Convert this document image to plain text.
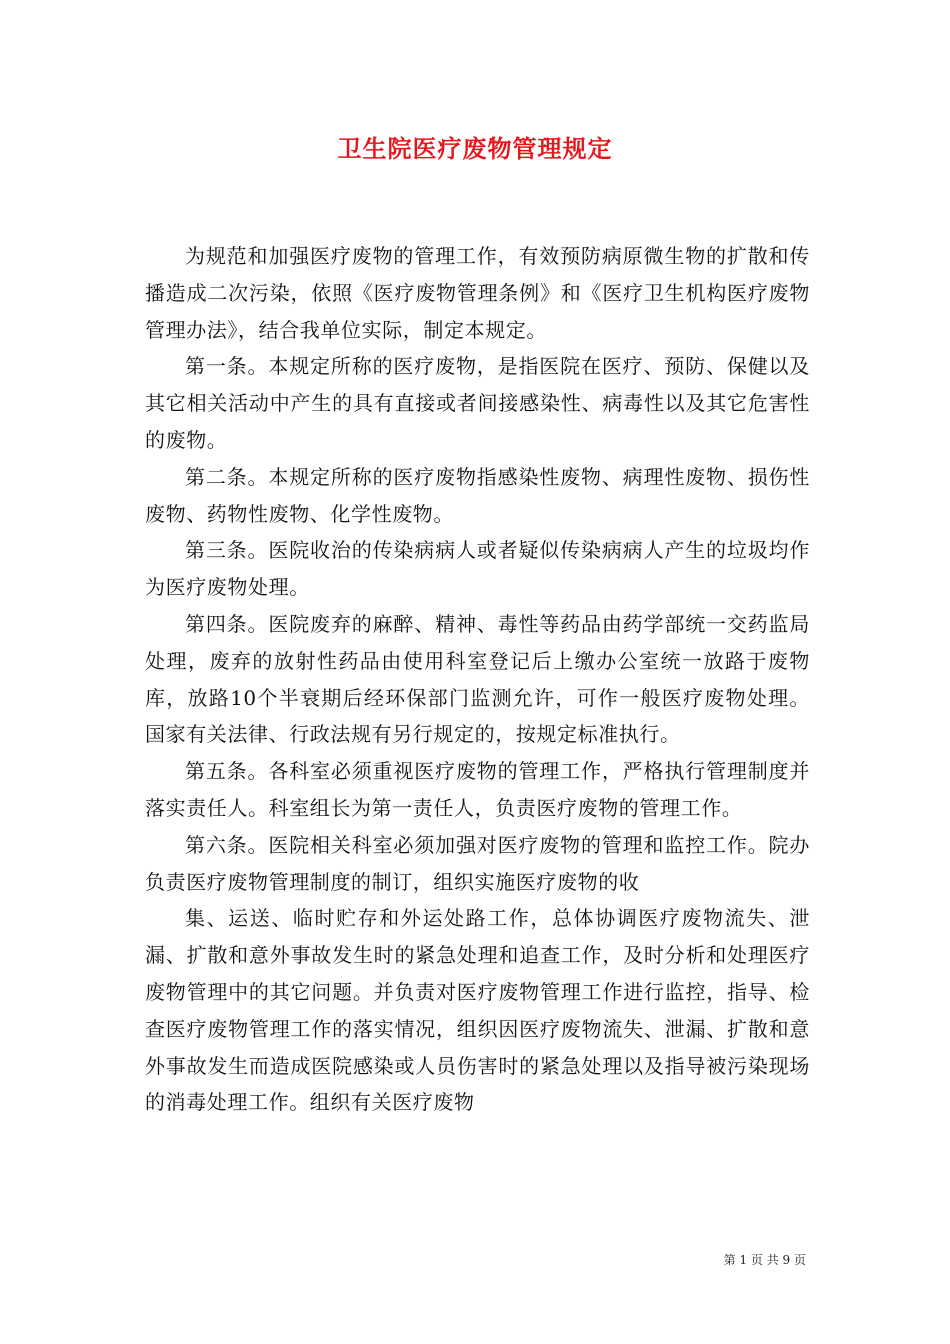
卫生院医疗废物管理规定

为规范和加强医疗废物的管理工作，有效预防病原微生物的扩散和传播造成二次污染，依照《医疗废物管理条例》和《医疗卫生机构医疗废物管理办法》，结合我单位实际，制定本规定。

第一条。本规定所称的医疗废物，是指医院在医疗、预防、保健以及其它相关活动中产生的具有直接或者间接感染性、病毒性以及其它危害性的废物。

第二条。本规定所称的医疗废物指感染性废物、病理性废物、损伤性废物、药物性废物、化学性废物。

第三条。医院收治的传染病病人或者疑似传染病病人产生的垃圾均作为医疗废物处理。

第四条。医院废弃的麻醉、精神、毒性等药品由药学部统一交药监局处理，废弃的放射性药品由使用科室登记后上缴办公室统一放路于废物库，放路10个半衰期后经环保部门监测允许，可作一般医疗废物处理。国家有关法律、行政法规有另行规定的，按规定标准执行。

第五条。各科室必须重视医疗废物的管理工作，严格执行管理制度并落实责任人。科室组长为第一责任人，负责医疗废物的管理工作。

第六条。医院相关科室必须加强对医疗废物的管理和监控工作。院办负责医疗废物管理制度的制订，组织实施医疗废物的收

集、运送、临时贮存和外运处路工作，总体协调医疗废物流失、泄漏、扩散和意外事故发生时的紧急处理和追查工作，及时分析和处理医疗废物管理中的其它问题。并负责对医疗废物管理工作进行监控，指导、检查医疗废物管理工作的落实情况，组织因医疗废物流失、泄漏、扩散和意外事故发生而造成医院感染或人员伤害时的紧急处理以及指导被污染现场的消毒处理工作。组织有关医疗废物

第 1 页 共 9 页
